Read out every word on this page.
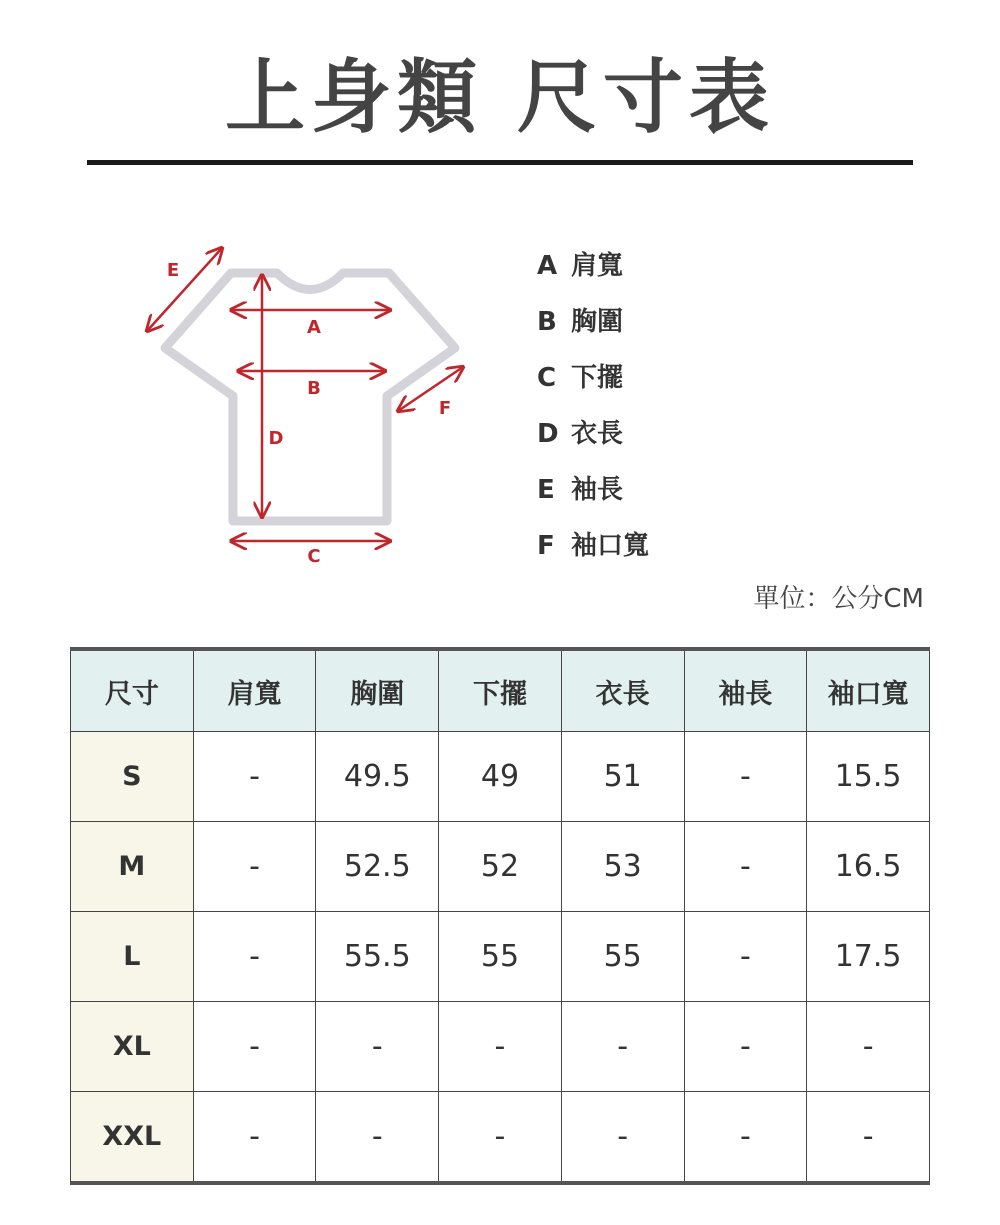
上身類 尺寸表
A
B
C
D
E
F
A 肩寬
B 胸圍
C 下擺
D 衣長
E 袖長
F 袖口寬
單位：公分CM
尺寸	肩寬	胸圍	下擺	衣長	袖長	袖口寬
S	-	49.5	49	51	-	15.5
M	-	52.5	52	53	-	16.5
L	-	55.5	55	55	-	17.5
XL	-	-	-	-	-	-
XXL	-	-	-	-	-	-
